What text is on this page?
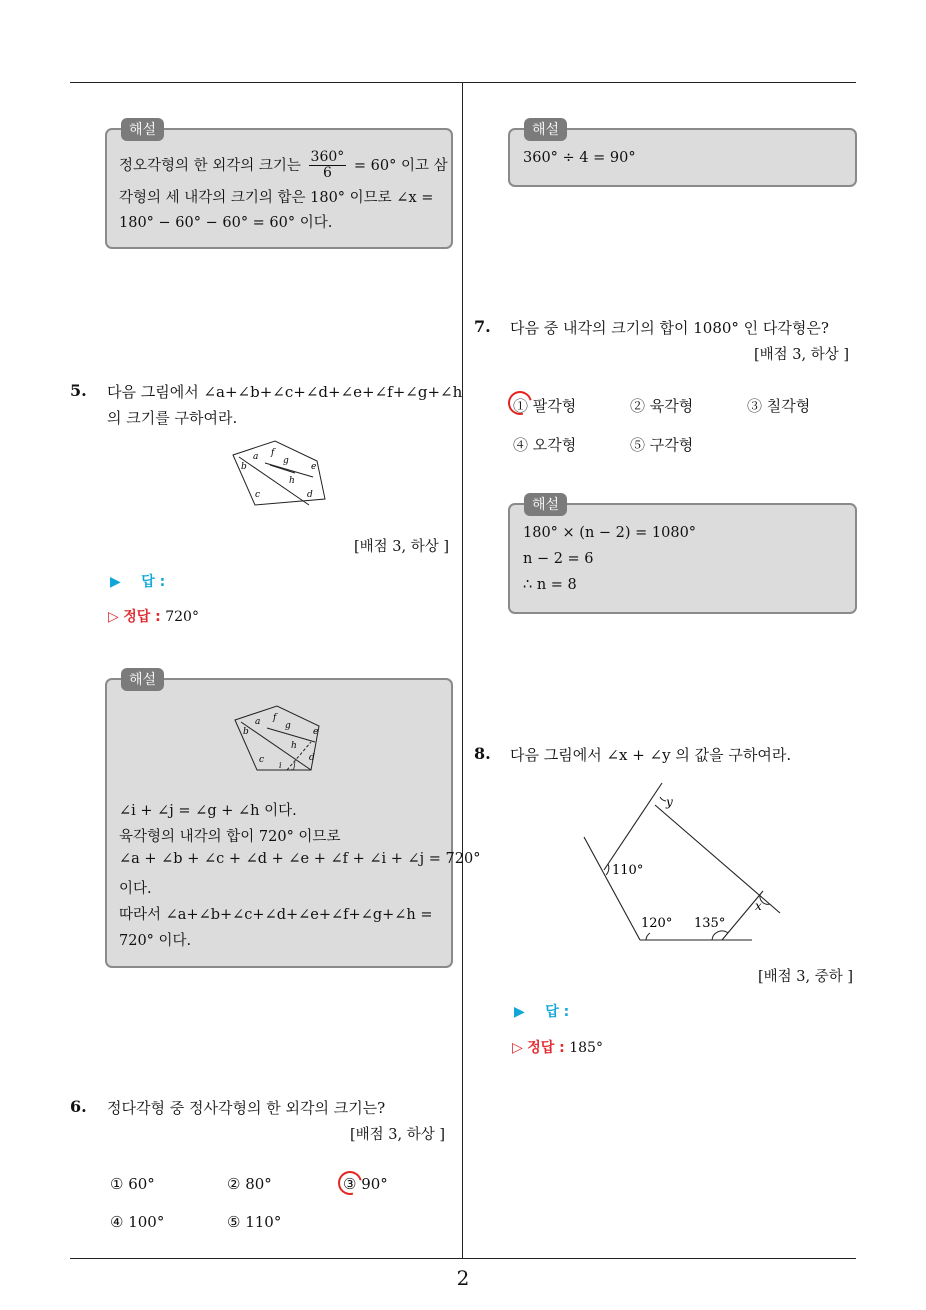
2
해설
정오각형의 한 외각의 크기는 $\frac{360^\circ}{6} = 60^\circ$ 이고 삼
각형의 세 내각의 크기의 합은 180° 이므로 ∠x =
180° − 60° − 60° = 60° 이다.
5. 다음 그림에서 ∠a+∠b+∠c+∠d+∠e+∠f+∠g+∠h
의 크기를 구하여라.
a
b
c	d
e
f
g
h
[배점 3, 하상 ]
▶ 답 :
▷ 정답 : 720°
해설
a
b
c	d
e
f
g
h
i j
∠i + ∠j = ∠g + ∠h 이다.
육각형의 내각의 합이 720° 이므로
∠a + ∠b + ∠c + ∠d + ∠e + ∠f + ∠i + ∠j = 720°
이다.
따라서 ∠a+∠b+∠c+∠d+∠e+∠f+∠g+∠h =
720° 이다.
6. 정다각형 중 정사각형의 한 외각의 크기는?
[배점 3, 하상 ]
① 60°	② 80°	③ 90°
④ 100°	⑤ 110°
해설
360° ÷ 4 = 90°
7. 다음 중 내각의 크기의 합이 1080° 인 다각형은?
[배점 3, 하상 ]
① 팔각형	② 육각형	③ 칠각형
④ 오각형	⑤ 구각형
해설
180° × (n − 2) = 1080°
n − 2 = 6
∴ n = 8
8. 다음 그림에서 ∠x + ∠y 의 값을 구하여라.
y
110°
120° 135°
x
[배점 3, 중하 ]
▶ 답 :
▷ 정답 : 185°
